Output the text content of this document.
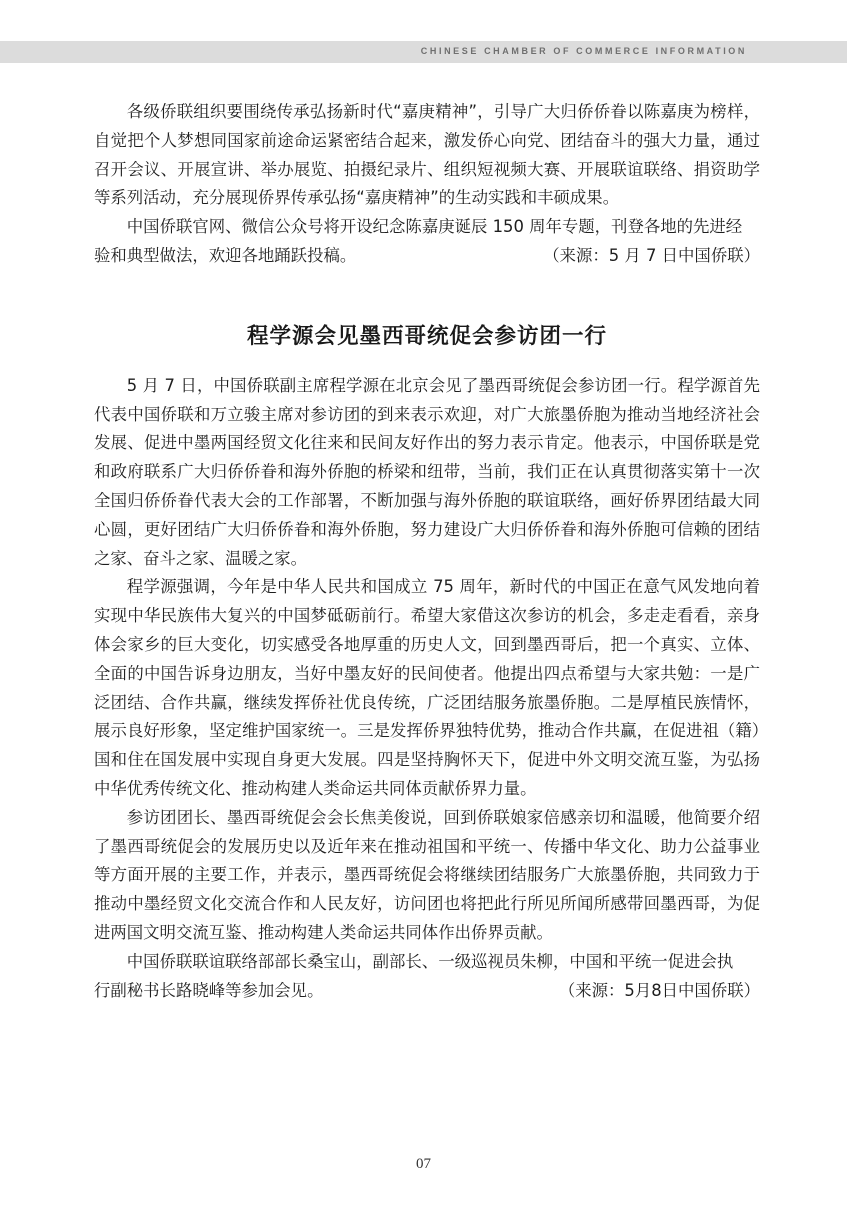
CHINESE CHAMBER OF COMMERCE INFORMATION

各级侨联组织要围绕传承弘扬新时代“嘉庚精神”，引导广大归侨侨眷以陈嘉庚为榜样，自觉把个人梦想同国家前途命运紧密结合起来，激发侨心向党、团结奋斗的强大力量，通过召开会议、开展宣讲、举办展览、拍摄纪录片、组织短视频大赛、开展联谊联络、捐资助学等系列活动，充分展现侨界传承弘扬“嘉庚精神”的生动实践和丰硕成果。

中国侨联官网、微信公众号将开设纪念陈嘉庚诞辰 150 周年专题，刊登各地的先进经

验和典型做法，欢迎各地踊跃投稿。	（来源：5 月 7 日中国侨联）
程学源会见墨西哥统促会参访团一行

5 月 7 日，中国侨联副主席程学源在北京会见了墨西哥统促会参访团一行。程学源首先代表中国侨联和万立骏主席对参访团的到来表示欢迎，对广大旅墨侨胞为推动当地经济社会发展、促进中墨两国经贸文化往来和民间友好作出的努力表示肯定。他表示，中国侨联是党和政府联系广大归侨侨眷和海外侨胞的桥梁和纽带，当前，我们正在认真贯彻落实第十一次全国归侨侨眷代表大会的工作部署，不断加强与海外侨胞的联谊联络，画好侨界团结最大同心圆，更好团结广大归侨侨眷和海外侨胞，努力建设广大归侨侨眷和海外侨胞可信赖的团结之家、奋斗之家、温暖之家。

程学源强调，今年是中华人民共和国成立 75 周年，新时代的中国正在意气风发地向着实现中华民族伟大复兴的中国梦砥砺前行。希望大家借这次参访的机会，多走走看看，亲身体会家乡的巨大变化，切实感受各地厚重的历史人文，回到墨西哥后，把一个真实、立体、全面的中国告诉身边朋友，当好中墨友好的民间使者。他提出四点希望与大家共勉：一是广泛团结、合作共赢，继续发挥侨社优良传统，广泛团结服务旅墨侨胞。二是厚植民族情怀，展示良好形象，坚定维护国家统一。三是发挥侨界独特优势，推动合作共赢，在促进祖（籍）国和住在国发展中实现自身更大发展。四是坚持胸怀天下，促进中外文明交流互鉴，为弘扬中华优秀传统文化、推动构建人类命运共同体贡献侨界力量。

参访团团长、墨西哥统促会会长焦美俊说，回到侨联娘家倍感亲切和温暖，他简要介绍了墨西哥统促会的发展历史以及近年来在推动祖国和平统一、传播中华文化、助力公益事业等方面开展的主要工作，并表示，墨西哥统促会将继续团结服务广大旅墨侨胞，共同致力于推动中墨经贸文化交流合作和人民友好，访问团也将把此行所见所闻所感带回墨西哥，为促进两国文明交流互鉴、推动构建人类命运共同体作出侨界贡献。

中国侨联联谊联络部部长桑宝山，副部长、一级巡视员朱柳，中国和平统一促进会执

行副秘书长路晓峰等参加会见。	（来源：5月8日中国侨联）
07
